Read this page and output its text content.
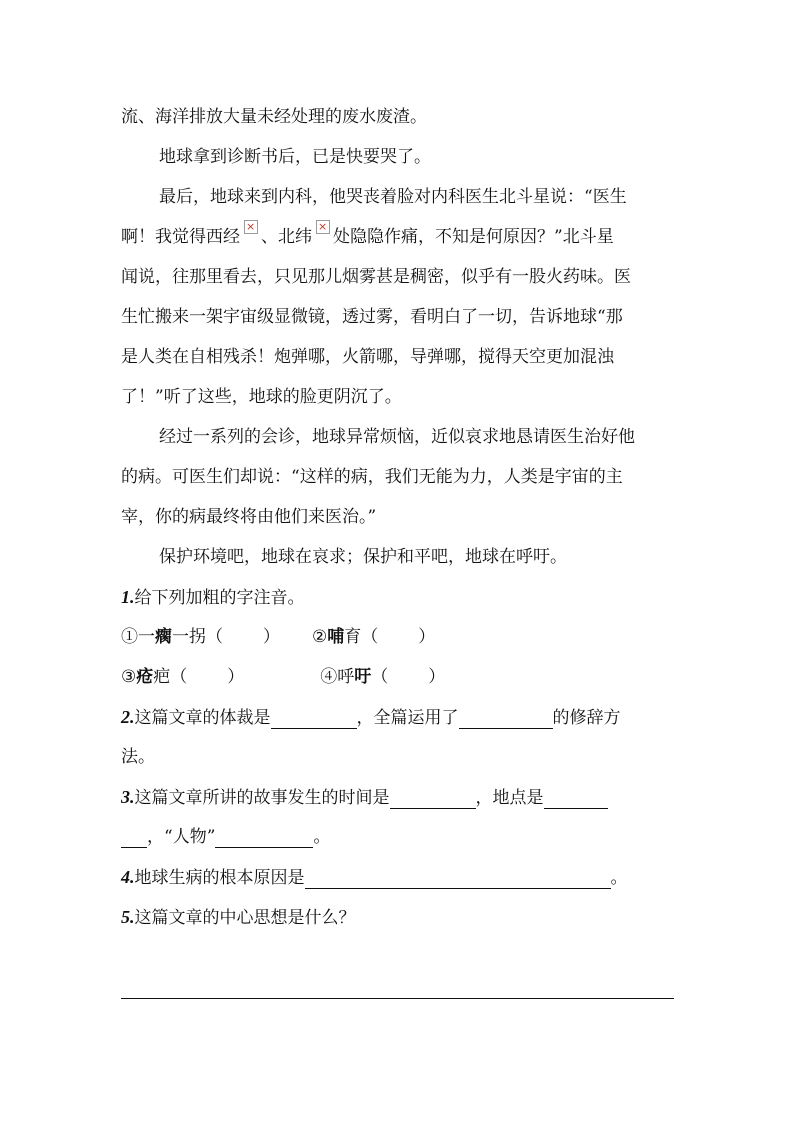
流、海洋排放大量未经处理的废水废渣。
地球拿到诊断书后，已是快要哭了。
最后，地球来到内科，他哭丧着脸对内科医生北斗星说：“医生
啊！我觉得西经 × 、北纬 × 处隐隐作痛，不知是何原因？”北斗星
闻说，往那里看去，只见那儿烟雾甚是稠密，似乎有一股火药味。医
生忙搬来一架宇宙级显微镜，透过雾，看明白了一切，告诉地球“那
是人类在自相残杀！炮弹哪，火箭哪，导弹哪，搅得天空更加混浊
了！”听了这些，地球的脸更阴沉了。
经过一系列的会诊，地球异常烦恼，近似哀求地恳请医生治好他
的病。可医生们却说：“这样的病，我们无能为力，人类是宇宙的主
宰，你的病最终将由他们来医治。”
保护环境吧，地球在哀求；保护和平吧，地球在呼吁。
1.给下列加粗的字注音。
①一瘸一拐（ ） ②哺育（ ）
③疮疤（ ）	④呼吁（ ）
2.这篇文章的体裁是	，全篇运用了	的修辞方
法。
3.这篇文章所讲的故事发生的时间是	，地点是
，“人物”	。
4.地球生病的根本原因是	。
5.这篇文章的中心思想是什么？
